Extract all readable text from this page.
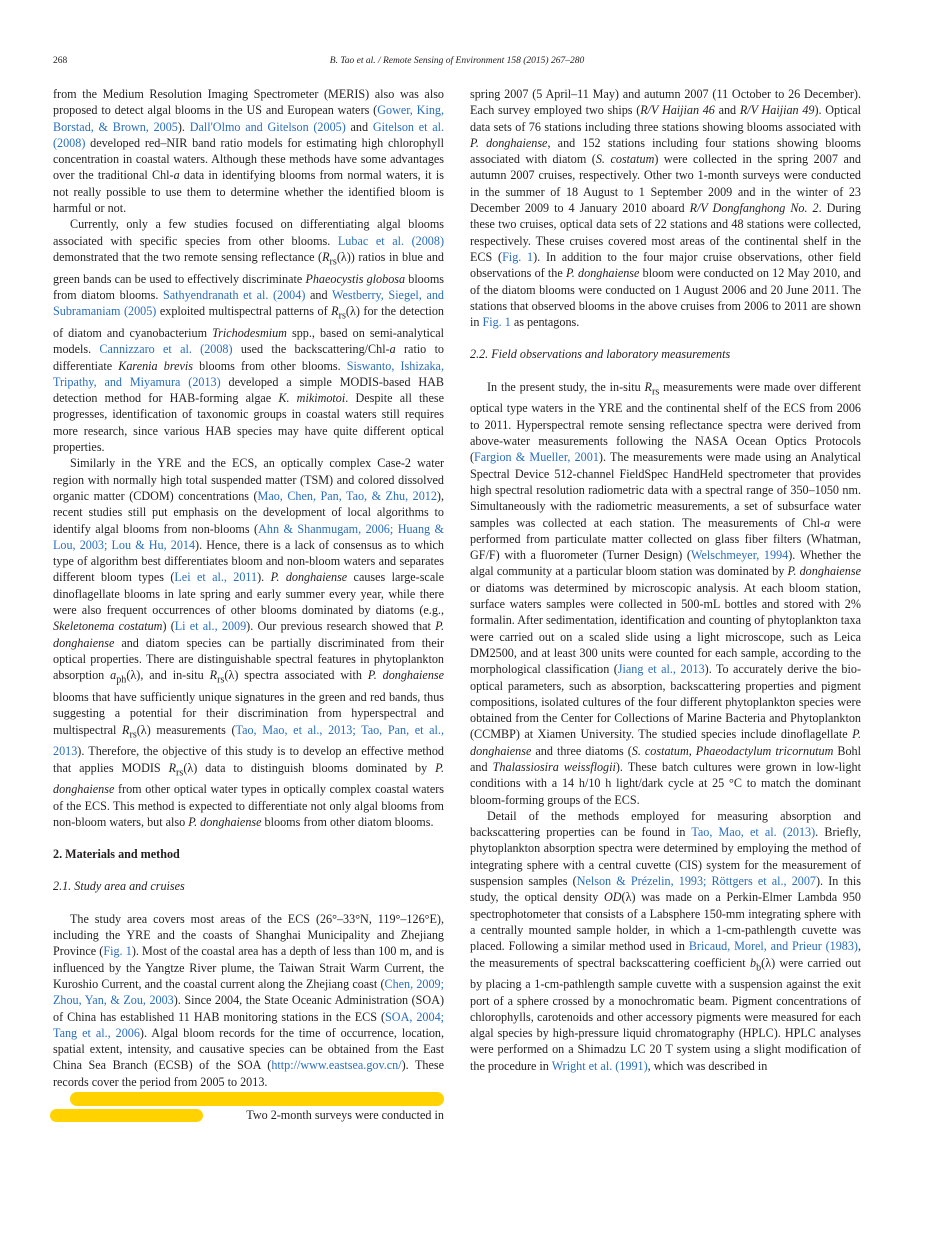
268	B. Tao et al. / Remote Sensing of Environment 158 (2015) 267–280

from the Medium Resolution Imaging Spectrometer (MERIS) also was also proposed to detect algal blooms in the US and European waters (Gower, King, Borstad, & Brown, 2005). Dall'Olmo and Gitelson (2005) and Gitelson et al. (2008) developed red–NIR band ratio models for estimating high chlorophyll concentration in coastal waters. Although these methods have some advantages over the traditional Chl-a data in identifying blooms from normal waters, it is not really possible to use them to determine whether the identified bloom is harmful or not.

Currently, only a few studies focused on differentiating algal blooms associated with specific species from other blooms. Lubac et al. (2008) demonstrated that the two remote sensing reflectance $(R_{rs}(\lambda))$ ratios in blue and green bands can be used to effectively discriminate Phaeocystis globosa blooms from diatom blooms. Sathyendranath et al. (2004) and Westberry, Siegel, and Subramaniam (2005) exploited multispectral patterns of $R_{rs}(\lambda)$ for the detection of diatom and cyanobacterium Trichodesmium spp., based on semi-analytical models. Cannizzaro et al. (2008) used the backscattering/Chl-a ratio to differentiate Karenia brevis blooms from other blooms. Siswanto, Ishizaka, Tripathy, and Miyamura (2013) developed a simple MODIS-based HAB detection method for HAB-forming algae K. mikimotoi. Despite all these progresses, identification of taxonomic groups in coastal waters still requires more research, since various HAB species may have quite different optical properties.

Similarly in the YRE and the ECS, an optically complex Case-2 water region with normally high total suspended matter (TSM) and colored dissolved organic matter (CDOM) concentrations (Mao, Chen, Pan, Tao, & Zhu, 2012), recent studies still put emphasis on the development of local algorithms to identify algal blooms from non-blooms (Ahn & Shanmugam, 2006; Huang & Lou, 2003; Lou & Hu, 2014). Hence, there is a lack of consensus as to which type of algorithm best differentiates bloom and non-bloom waters and separates different bloom types (Lei et al., 2011). P. donghaiense causes large-scale dinoflagellate blooms in late spring and early summer every year, while there were also frequent occurrences of other blooms dominated by diatoms (e.g., Skeletonema costatum) (Li et al., 2009). Our previous research showed that P. donghaiense and diatom species can be partially discriminated from their optical properties. There are distinguishable spectral features in phytoplankton absorption $a_{ph}(\lambda)$, and in-situ $R_{rs}(\lambda)$ spectra associated with P. donghaiense blooms that have sufficiently unique signatures in the green and red bands, thus suggesting a potential for their discrimination from hyperspectral and multispectral $R_{rs}(\lambda)$ measurements (Tao, Mao, et al., 2013; Tao, Pan, et al., 2013). Therefore, the objective of this study is to develop an effective method that applies MODIS $R_{rs}(\lambda)$ data to distinguish blooms dominated by P. donghaiense from other optical water types in optically complex coastal waters of the ECS. This method is expected to differentiate not only algal blooms from non-bloom waters, but also P. donghaiense blooms from other diatom blooms.

2. Materials and method
2.1. Study area and cruises

The study area covers most areas of the ECS (26°–33°N, 119°–126°E), including the YRE and the coasts of Shanghai Municipality and Zhejiang Province (Fig. 1). Most of the coastal area has a depth of less than 100 m, and is influenced by the Yangtze River plume, the Taiwan Strait Warm Current, the Kuroshio Current, and the coastal current along the Zhejiang coast (Chen, 2009; Zhou, Yan, & Zou, 2003). Since 2004, the State Oceanic Administration (SOA) of China has established 11 HAB monitoring stations in the ECS (SOA, 2004; Tang et al., 2006). Algal bloom records for the time of occurrence, location, spatial extent, intensity, and causative species can be obtained from the East China Sea Branch (ECSB) of the SOA (http://www.eastsea.gov.cn/). These records cover the period from 2005 to 2013.

Two 2-month surveys were conducted in

spring 2007 (5 April–11 May) and autumn 2007 (11 October to 26 December). Each survey employed two ships (R/V Haijian 46 and R/V Haijian 49). Optical data sets of 76 stations including three stations showing blooms associated with P. donghaiense, and 152 stations including four stations showing blooms associated with diatom (S. costatum) were collected in the spring 2007 and autumn 2007 cruises, respectively. Other two 1-month surveys were conducted in the summer of 18 August to 1 September 2009 and in the winter of 23 December 2009 to 4 January 2010 aboard R/V Dongfanghong No. 2. During these two cruises, optical data sets of 22 stations and 48 stations were collected, respectively. These cruises covered most areas of the continental shelf in the ECS (Fig. 1). In addition to the four major cruise observations, other field observations of the P. donghaiense bloom were conducted on 12 May 2010, and of the diatom blooms were conducted on 1 August 2006 and 20 June 2011. The stations that observed blooms in the above cruises from 2006 to 2011 are shown in Fig. 1 as pentagons.

2.2. Field observations and laboratory measurements

In the present study, the in-situ $R_{rs}$ measurements were made over different optical type waters in the YRE and the continental shelf of the ECS from 2006 to 2011. Hyperspectral remote sensing reflectance spectra were derived from above-water measurements following the NASA Ocean Optics Protocols (Fargion & Mueller, 2001). The measurements were made using an Analytical Spectral Device 512-channel FieldSpec HandHeld spectrometer that provides high spectral resolution radiometric data with a spectral range of 350–1050 nm. Simultaneously with the radiometric measurements, a set of subsurface water samples was collected at each station. The measurements of Chl-a were performed from particulate matter collected on glass fiber filters (Whatman, GF/F) with a fluorometer (Turner Design) (Welschmeyer, 1994). Whether the algal community at a particular bloom station was dominated by P. donghaiense or diatoms was determined by microscopic analysis. At each bloom station, surface waters samples were collected in 500-mL bottles and stored with 2% formalin. After sedimentation, identification and counting of phytoplankton taxa were carried out on a scaled slide using a light microscope, such as Leica DM2500, and at least 300 units were counted for each sample, according to the morphological classification (Jiang et al., 2013). To accurately derive the bio-optical parameters, such as absorption, backscattering properties and pigment compositions, isolated cultures of the four different phytoplankton species were obtained from the Center for Collections of Marine Bacteria and Phytoplankton (CCMBP) at Xiamen University. The studied species include dinoflagellate P. donghaiense and three diatoms (S. costatum, Phaeodactylum tricornutum Bohl and Thalassiosira weissflogii). These batch cultures were grown in low-light conditions with a 14 h/10 h light/dark cycle at 25 °C to match the dominant bloom-forming groups of the ECS.

Detail of the methods employed for measuring absorption and backscattering properties can be found in Tao, Mao, et al. (2013). Briefly, phytoplankton absorption spectra were determined by employing the method of integrating sphere with a central cuvette (CIS) system for the measurement of suspension samples (Nelson & Prézelin, 1993; Röttgers et al., 2007). In this study, the optical density OD(λ) was made on a Perkin-Elmer Lambda 950 spectrophotometer that consists of a Labsphere 150-mm integrating sphere with a centrally mounted sample holder, in which a 1-cm-pathlength cuvette was placed. Following a similar method used in Bricaud, Morel, and Prieur (1983), the measurements of spectral backscattering coefficient $b_b(\lambda)$ were carried out by placing a 1-cm-pathlength sample cuvette with a suspension against the exit port of a sphere crossed by a monochromatic beam. Pigment concentrations of chlorophylls, carotenoids and other accessory pigments were measured for each algal species by high-pressure liquid chromatography (HPLC). HPLC analyses were performed on a Shimadzu LC 20 T system using a slight modification of the procedure in Wright et al. (1991), which was described in
